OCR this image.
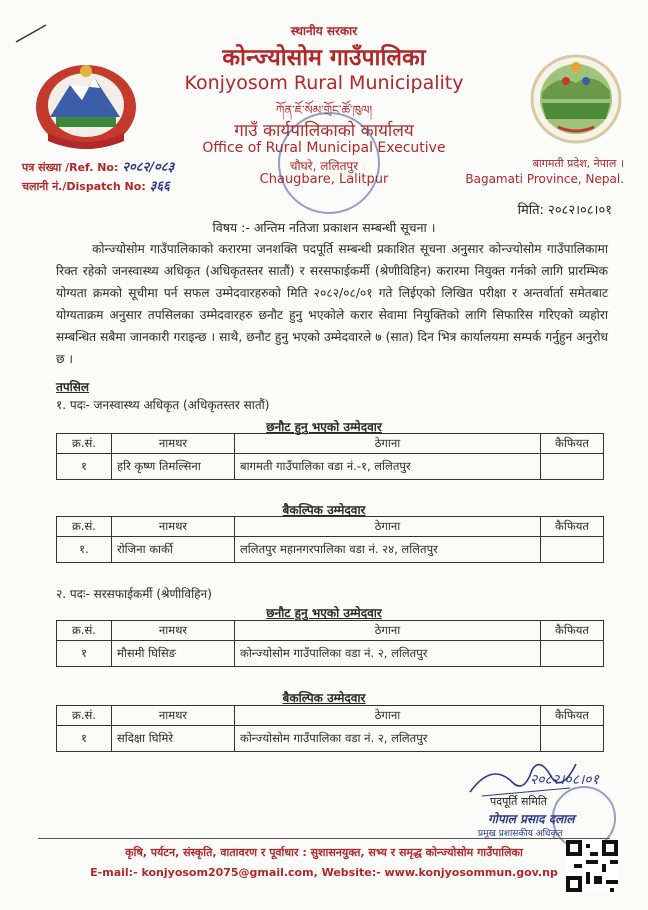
स्थानीय सरकार
कोन्ज्योसोम गाउँपालिका
Konjyosom Rural Municipality
ཀོན་ཇོ་སོམ་གྲོང་ཚོ་ཁུལ།
गाउँ कार्यपालिकाको कार्यालय
Office of Rural Municipal Executive
चौघरे, ललितपुर
Chaugbare, Lalitpur
पत्र संख्या /Ref. No: २०८२/०८३
चलानी नं./Dispatch No: ३६६
बागमती प्रदेश, नेपाल ।
Bagamati Province, Nepal.
मिति: २०८२।०८।०१
विषय :- अन्तिम नतिजा प्रकाशन सम्बन्धी सूचना ।
कोन्ज्योसोम गाउँपालिकाको करारमा जनशक्ति पदपूर्ति सम्बन्धी प्रकाशित सूचना अनुसार कोन्ज्योसोम गाउँपालिकामा रिक्त रहेको जनस्वास्थ्य अधिकृत (अधिकृतस्तर सातौं) र सरसफाईकर्मी (श्रेणीविहिन) करारमा नियुक्त गर्नको लागि प्रारम्भिक योग्यता क्रमको सूचीमा पर्न सफल उम्मेदवारहरुको मिति २०८२/०८/०१ गते लिईएको लिखित परीक्षा र अन्तर्वार्ता समेतबाट योग्यताक्रम अनुसार तपसिलका उम्मेदवारहरु छनौट हुनु भएकोले करार सेवामा नियुक्तिको लागि सिफारिस गरिएको व्यहोरा सम्बन्धित सबैमा जानकारी गराइन्छ । साथै, छनौट हुनु भएको उम्मेदवारले ७ (सात) दिन भित्र कार्यालयमा सम्पर्क गर्नुहुन अनुरोध छ ।
तपसिल
१. पदः- जनस्वास्थ्य अधिकृत (अधिकृतस्तर सातौं)
छनौट हुनु भएको उम्मेदवार
क्र.सं.	नामथर	ठेगाना	कैफियत
१	हरि कृष्ण तिमल्सिना	बागमती गाउँपालिका वडा नं.-१, ललितपुर	
बैकल्पिक उम्मेदवार
क्र.सं.	नामथर	ठेगाना	कैफियत
१.	रोजिना कार्की	ललितपुर महानगरपालिका वडा नं. २४, ललितपुर	
२. पदः- सरसफाईकर्मी (श्रेणीविहिन)
छनौट हुनु भएको उम्मेदवार
क्र.सं.	नामथर	ठेगाना	कैफियत
१	मौसमी घिसिङ	कोन्ज्योसोम गाउँपालिका वडा नं. २, ललितपुर	
बैकल्पिक उम्मेदवार
क्र.सं.	नामथर	ठेगाना	कैफियत
१	सदिक्षा घिमिरे	कोन्ज्योसोम गाउँपालिका वडा नं. २, ललितपुर	
२०८२।०८।०१
पदपूर्ति समिति
गोपाल प्रसाद दलाल
प्रमुख प्रशासकीय अधिकृत
कृषि, पर्यटन, संस्कृति, वातावरण र पूर्वाधार : सुशासनयुक्त, सभ्य र समृद्ध कोन्ज्योसोम गाउँपालिका
E-mail:- konjyosom2075@gmail.com, Website:- www.konjyosommun.gov.np
